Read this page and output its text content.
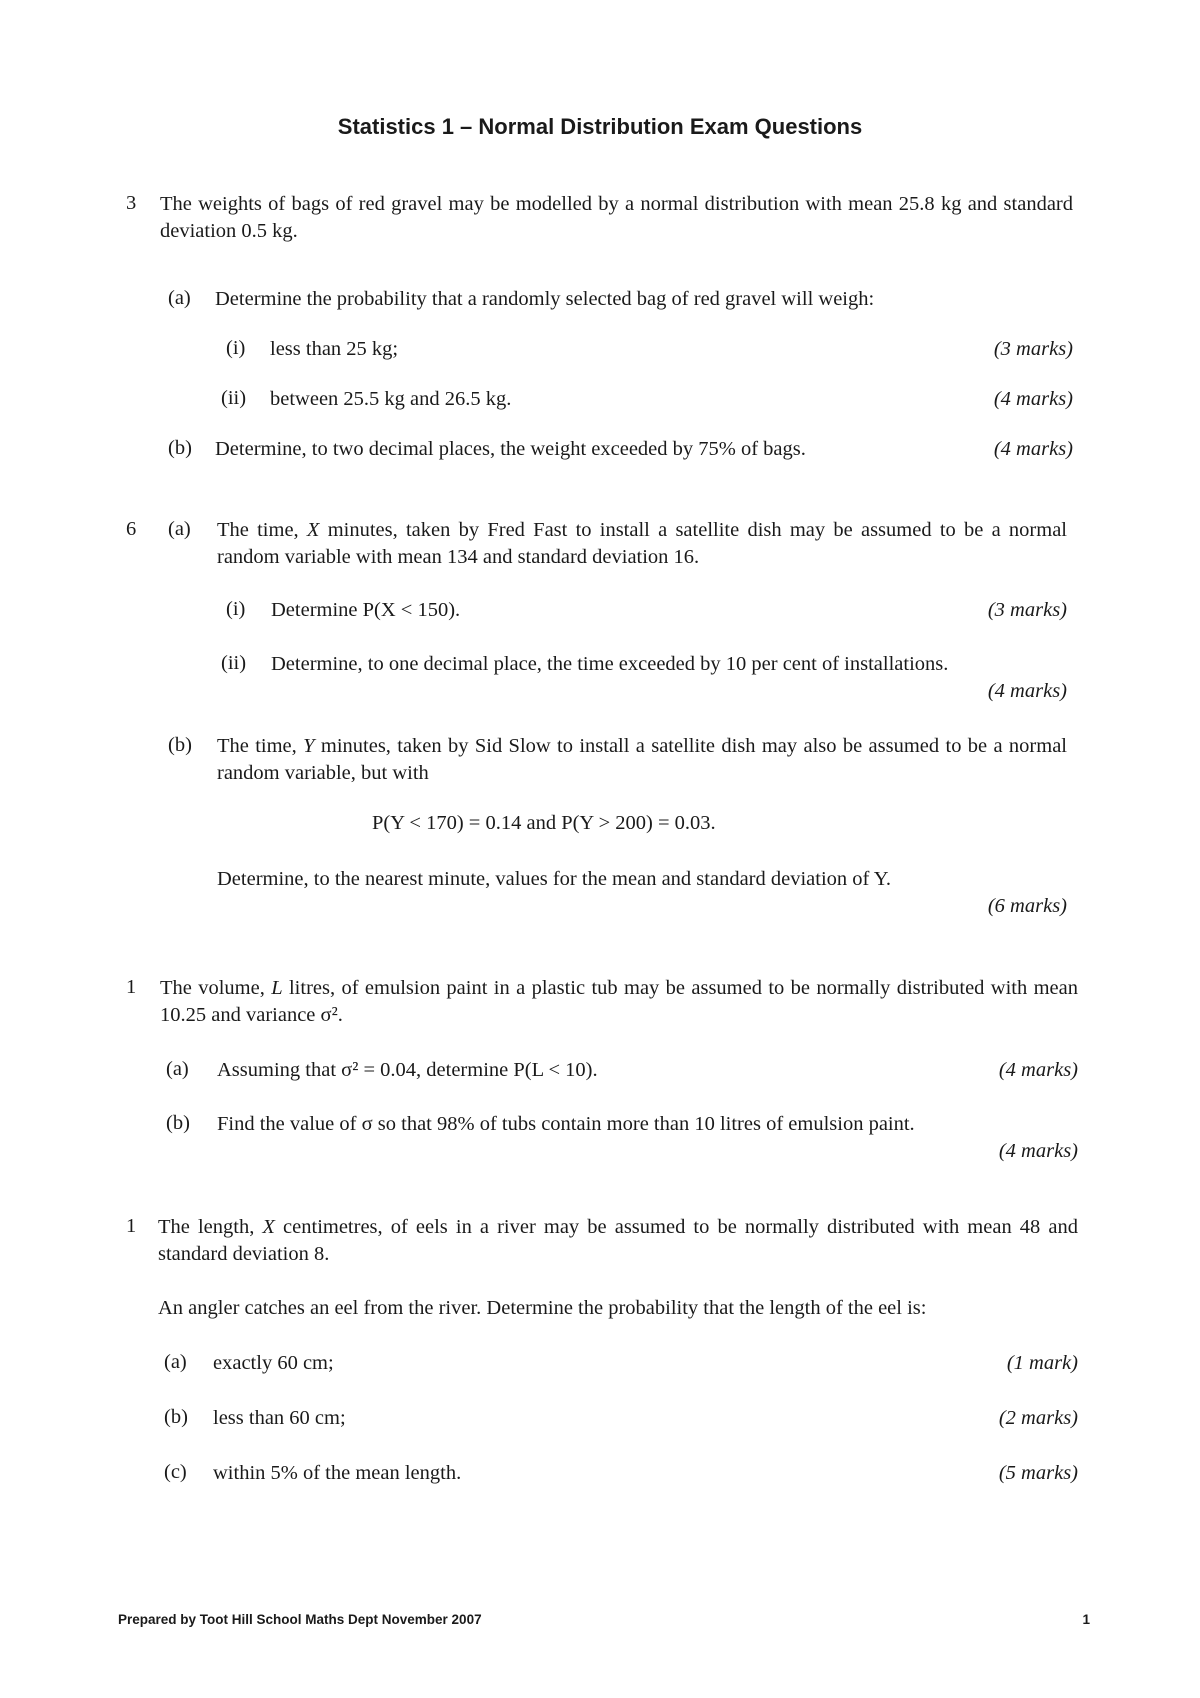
Statistics 1 – Normal Distribution Exam Questions
3 The weights of bags of red gravel may be modelled by a normal distribution with mean 25.8 kg and standard deviation 0.5 kg.
(a) Determine the probability that a randomly selected bag of red gravel will weigh:
(i) less than 25 kg;	(3 marks)
(ii) between 25.5 kg and 26.5 kg.	(4 marks)
(b) Determine, to two decimal places, the weight exceeded by 75% of bags.	(4 marks)
6 (a) The time, X minutes, taken by Fred Fast to install a satellite dish may be assumed to be a normal random variable with mean 134 and standard deviation 16.
(i) Determine P(X < 150).	(3 marks)
(ii) Determine, to one decimal place, the time exceeded by 10 per cent of installations.
(4 marks)
(b) The time, Y minutes, taken by Sid Slow to install a satellite dish may also be assumed to be a normal random variable, but with
P(Y < 170) = 0.14 and P(Y > 200) = 0.03.
Determine, to the nearest minute, values for the mean and standard deviation of Y.
(6 marks)
1 The volume, L litres, of emulsion paint in a plastic tub may be assumed to be normally distributed with mean 10.25 and variance σ².
(a) Assuming that σ² = 0.04, determine P(L < 10).	(4 marks)
(b) Find the value of σ so that 98% of tubs contain more than 10 litres of emulsion paint.
(4 marks)
1 The length, X centimetres, of eels in a river may be assumed to be normally distributed with mean 48 and standard deviation 8.
An angler catches an eel from the river. Determine the probability that the length of the eel is:
(a) exactly 60 cm;	(1 mark)
(b) less than 60 cm;	(2 marks)
(c) within 5% of the mean length.	(5 marks)
Prepared by Toot Hill School Maths Dept November 2007	1
